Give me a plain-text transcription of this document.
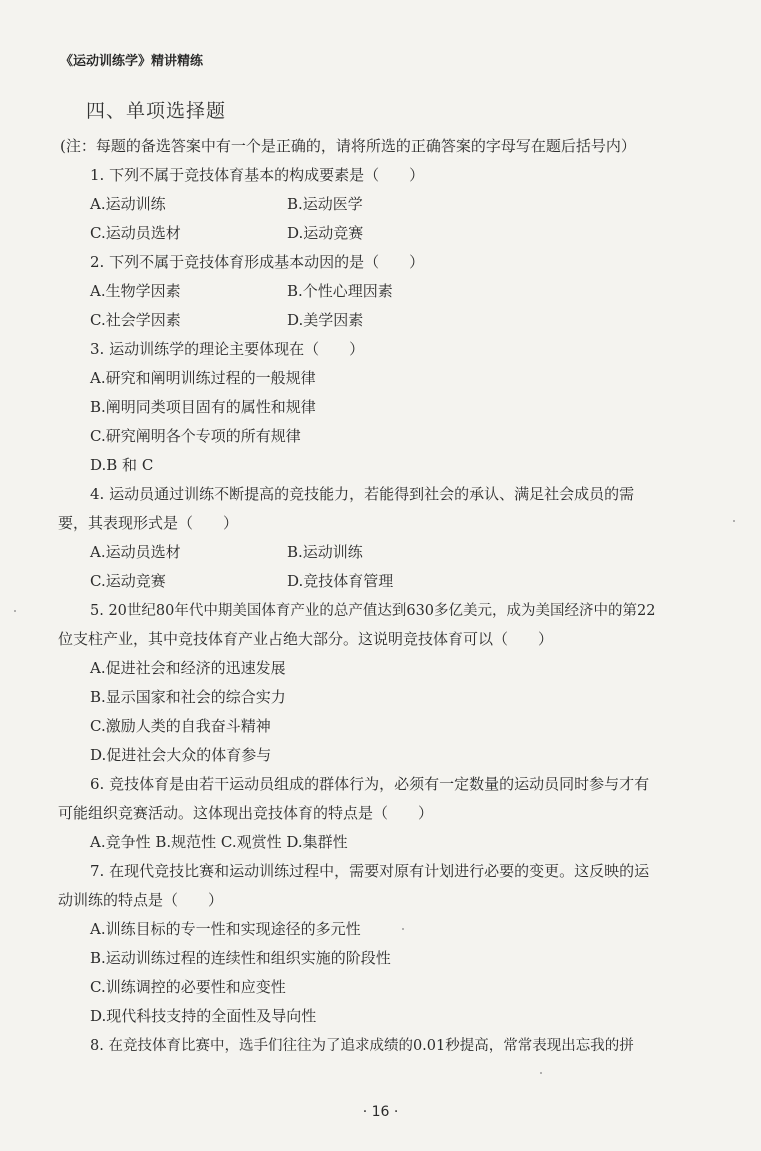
《运动训练学》精讲精练
四、单项选择题
(注：每题的备选答案中有一个是正确的，请将所选的正确答案的字母写在题后括号内）
1. 下列不属于竞技体育基本的构成要素是（　　）
A.运动训练	B.运动医学
C.运动员选材	D.运动竞赛
2. 下列不属于竞技体育形成基本动因的是（　　）
A.生物学因素	B.个性心理因素
C.社会学因素	D.美学因素
3. 运动训练学的理论主要体现在（　　）
A.研究和阐明训练过程的一般规律
B.阐明同类项目固有的属性和规律
C.研究阐明各个专项的所有规律
D.B 和 C
4. 运动员通过训练不断提高的竞技能力，若能得到社会的承认、满足社会成员的需
要，其表现形式是（　　）
A.运动员选材	B.运动训练
C.运动竞赛	D.竞技体育管理
5. 20世纪80年代中期美国体育产业的总产值达到630多亿美元，成为美国经济中的第22
位支柱产业，其中竞技体育产业占绝大部分。这说明竞技体育可以（　　）
A.促进社会和经济的迅速发展
B.显示国家和社会的综合实力
C.激励人类的自我奋斗精神
D.促进社会大众的体育参与
6. 竞技体育是由若干运动员组成的群体行为，必须有一定数量的运动员同时参与才有
可能组织竞赛活动。这体现出竞技体育的特点是（　　）
A.竞争性 B.规范性 C.观赏性 D.集群性
7. 在现代竞技比赛和运动训练过程中，需要对原有计划进行必要的变更。这反映的运
动训练的特点是（　　）
A.训练目标的专一性和实现途径的多元性
B.运动训练过程的连续性和组织实施的阶段性
C.训练调控的必要性和应变性
D.现代科技支持的全面性及导向性
8. 在竞技体育比赛中，选手们往往为了追求成绩的0.01秒提高，常常表现出忘我的拼
· 16 ·
